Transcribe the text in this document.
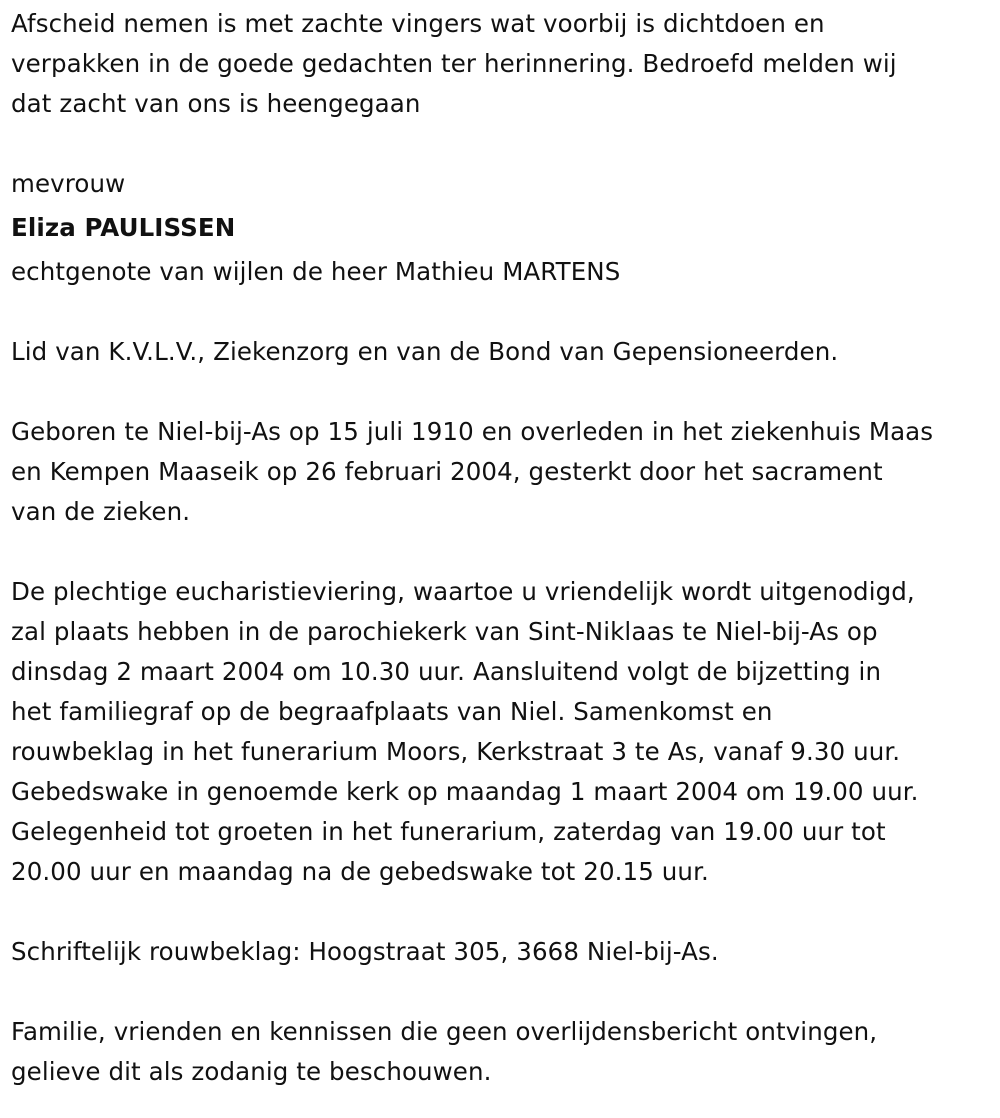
Afscheid nemen is met zachte vingers wat voorbij is dichtdoen en
verpakken in de goede gedachten ter herinnering. Bedroefd melden wij
dat zacht van ons is heengegaan

mevrouw

Eliza PAULISSEN

echtgenote van wijlen de heer Mathieu MARTENS

Lid van K.V.L.V., Ziekenzorg en van de Bond van Gepensioneerden.

Geboren te Niel-bij-As op 15 juli 1910 en overleden in het ziekenhuis Maas
en Kempen Maaseik op 26 februari 2004, gesterkt door het sacrament
van de zieken.

De plechtige eucharistieviering, waartoe u vriendelijk wordt uitgenodigd,
zal plaats hebben in de parochiekerk van Sint-Niklaas te Niel-bij-As op
dinsdag 2 maart 2004 om 10.30 uur. Aansluitend volgt de bijzetting in
het familiegraf op de begraafplaats van Niel. Samenkomst en
rouwbeklag in het funerarium Moors, Kerkstraat 3 te As, vanaf 9.30 uur.
Gebedswake in genoemde kerk op maandag 1 maart 2004 om 19.00 uur.
Gelegenheid tot groeten in het funerarium, zaterdag van 19.00 uur tot
20.00 uur en maandag na de gebedswake tot 20.15 uur.

Schriftelijk rouwbeklag: Hoogstraat 305, 3668 Niel-bij-As.

Familie, vrienden en kennissen die geen overlijdensbericht ontvingen,
gelieve dit als zodanig te beschouwen.
